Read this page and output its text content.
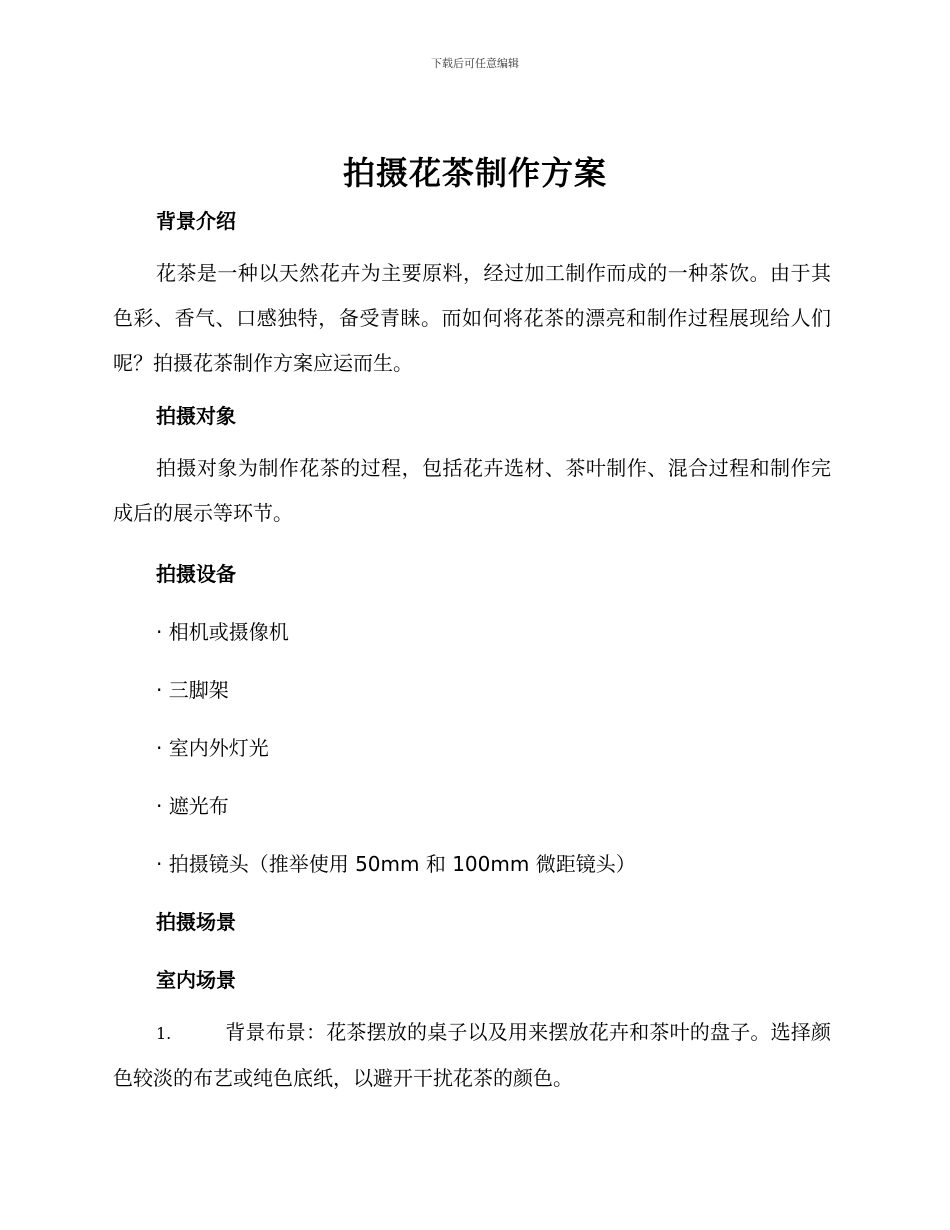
下载后可任意编辑
拍摄花茶制作方案
背景介绍
花茶是一种以天然花卉为主要原料，经过加工制作而成的一种茶饮。由于其色彩、香气、口感独特，备受青睐。而如何将花茶的漂亮和制作过程展现给人们呢？拍摄花茶制作方案应运而生。
拍摄对象
拍摄对象为制作花茶的过程，包括花卉选材、茶叶制作、混合过程和制作完成后的展示等环节。
拍摄设备
· 相机或摄像机
· 三脚架
· 室内外灯光
· 遮光布
· 拍摄镜头（推举使用 50mm 和 100mm 微距镜头）
拍摄场景
室内场景
1.	背景布景：花茶摆放的桌子以及用来摆放花卉和茶叶的盘子。选择颜色较淡的布艺或纯色底纸，以避开干扰花茶的颜色。
